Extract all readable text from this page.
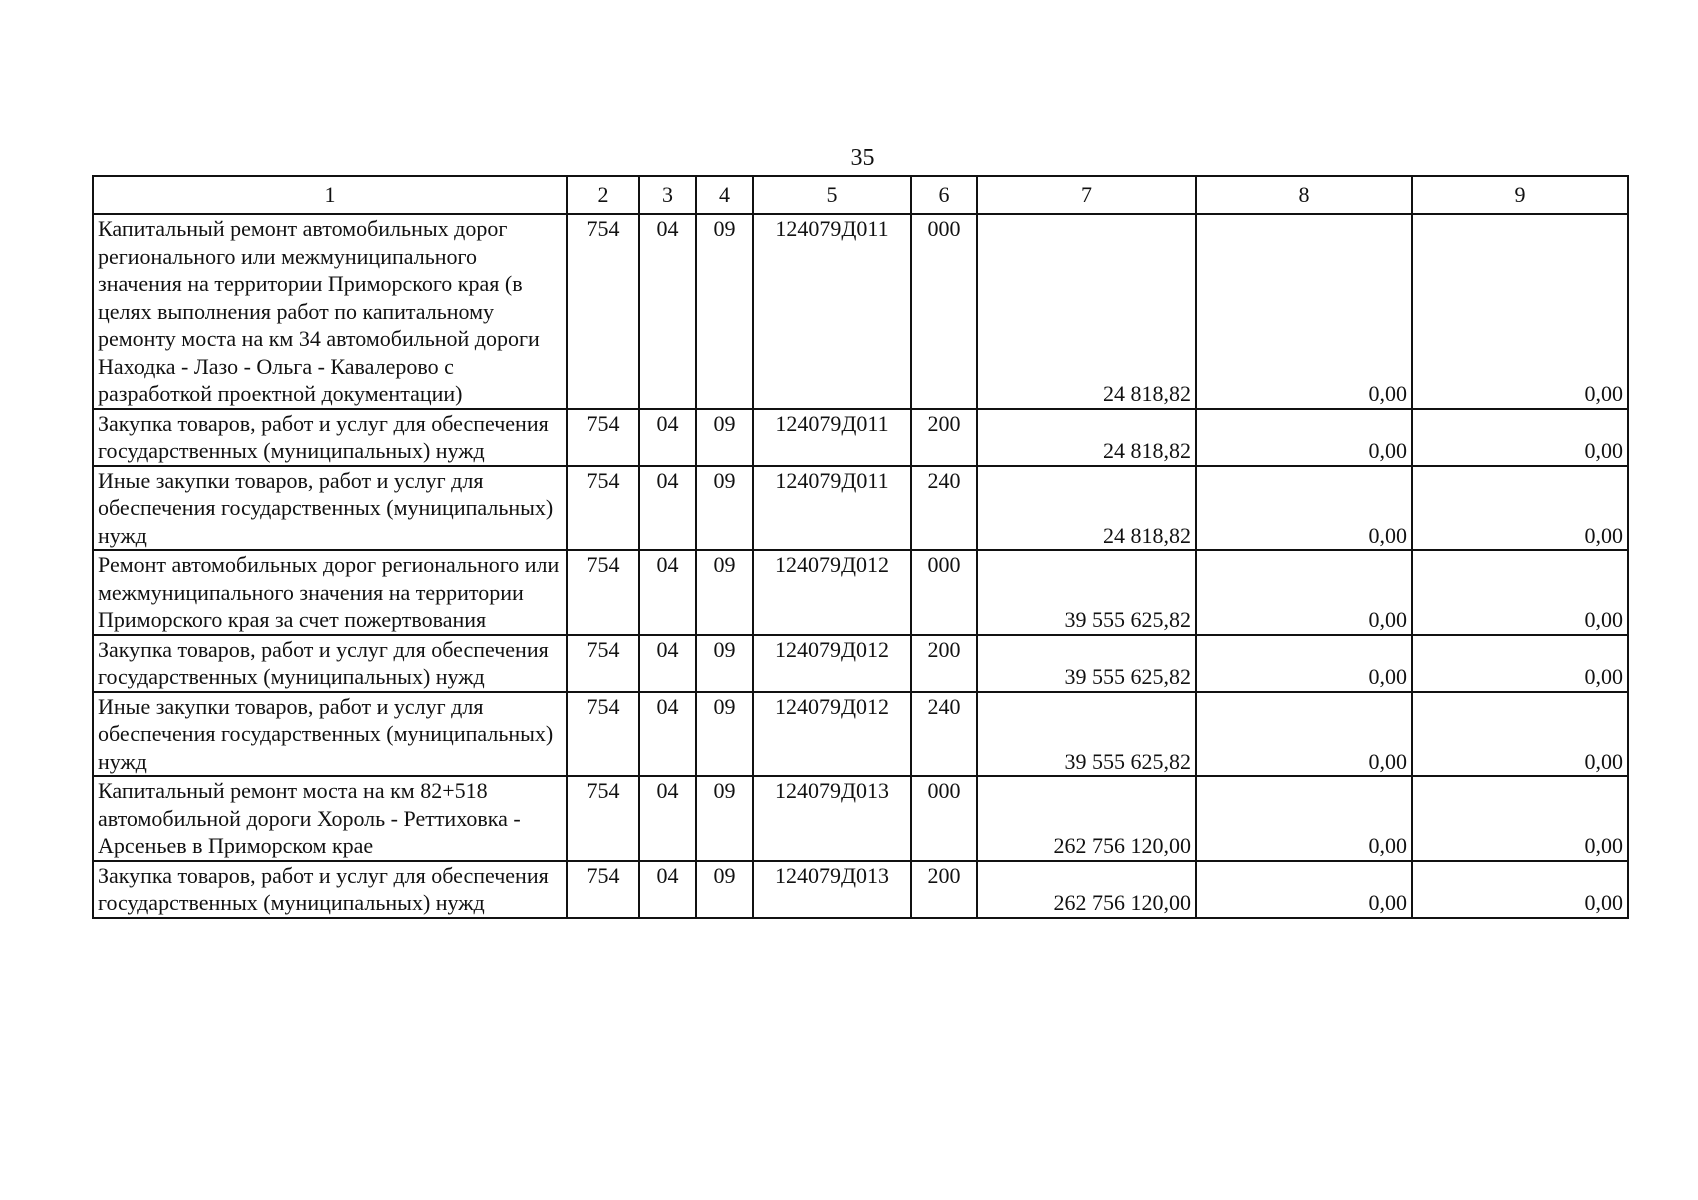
35
1	2	3	4	5	6	7	8	9
Капитальный ремонт автомобильных дорог регионального или межмуниципального значения на территории Приморского края (в целях выполнения работ по капитальному ремонту моста на км 34 автомобильной дороги Находка - Лазо - Ольга - Кавалерово с разработкой проектной документации)	754	04	09	124079Д011	000	24 818,82	0,00	0,00
Закупка товаров, работ и услуг для обеспечения государственных (муниципальных) нужд	754	04	09	124079Д011	200	24 818,82	0,00	0,00
Иные закупки товаров, работ и услуг для обеспечения государственных (муниципальных) нужд	754	04	09	124079Д011	240	24 818,82	0,00	0,00
Ремонт автомобильных дорог регионального или межмуниципального значения на территории Приморского края за счет пожертвования	754	04	09	124079Д012	000	39 555 625,82	0,00	0,00
Закупка товаров, работ и услуг для обеспечения государственных (муниципальных) нужд	754	04	09	124079Д012	200	39 555 625,82	0,00	0,00
Иные закупки товаров, работ и услуг для обеспечения государственных (муниципальных) нужд	754	04	09	124079Д012	240	39 555 625,82	0,00	0,00
Капитальный ремонт моста на км 82+518 автомобильной дороги Хороль - Реттиховка - Арсеньев в Приморском крае	754	04	09	124079Д013	000	262 756 120,00	0,00	0,00
Закупка товаров, работ и услуг для обеспечения государственных (муниципальных) нужд	754	04	09	124079Д013	200	262 756 120,00	0,00	0,00
